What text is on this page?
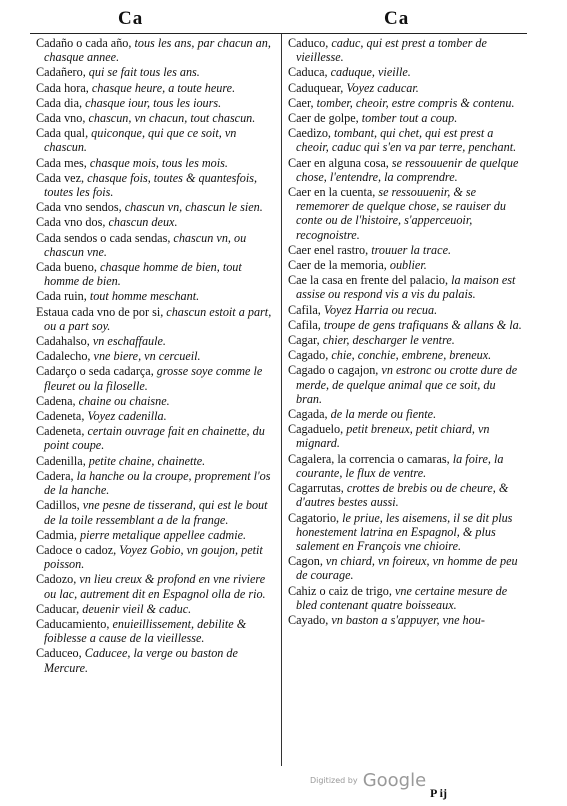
Ca	Ca
Cadaño o cada año, tous les ans, par chacun an, chasque annee.
Cadañero, qui se fait tous les ans.
Cada hora, chasque heure, a toute heure.
Cada dia, chasque iour, tous les iours.
Cada vno, chascun, vn chacun, tout chascun.
Cada qual, quiconque, qui que ce soit, vn chascun.
Cada mes, chasque mois, tous les mois.
Cada vez, chasque fois, toutes & quantesfois, toutes les fois.
Cada vno sendos, chascun vn, chascun le sien.
Cada vno dos, chascun deux.
Cada sendos o cada sendas, chascun vn, ou chascun vne.
Cada bueno, chasque homme de bien, tout homme de bien.
Cada ruin, tout homme meschant.
Estaua cada vno de por si, chascun estoit a part, ou a part soy.
Cadahalso, vn eschaffaule.
Cadalecho, vne biere, vn cercueil.
Cadarço o seda cadarça, grosse soye comme le fleuret ou la filoselle.
Cadena, chaine ou chaisne.
Cadeneta, Voyez cadenilla.
Cadeneta, certain ouvrage fait en chainette, du point coupe.
Cadenilla, petite chaine, chainette.
Cadera, la hanche ou la croupe, proprement l'os de la hanche.
Cadillos, vne pesne de tisserand, qui est le bout de la toile ressemblant a de la frange.
Cadmia, pierre metalique appellee cadmie.
Cadoce o cadoz, Voyez Gobio, vn goujon, petit poisson.
Cadozo, vn lieu creux & profond en vne riviere ou lac, autrement dit en Espagnol olla de rio.
Caducar, deuenir vieil & caduc.
Caducamiento, enuieillissement, debilite & foiblesse a cause de la vieillesse.
Caduceo, Caducee, la verge ou baston de Mercure.
Caduco, caduc, qui est prest a tomber de vieillesse.
Caduca, caduque, vieille.
Caduquear, Voyez caducar.
Caer, tomber, cheoir, estre compris & contenu.
Caer de golpe, tomber tout a coup.
Caedizo, tombant, qui chet, qui est prest a cheoir, caduc qui s'en va par terre, penchant.
Caer en alguna cosa, se ressouuenir de quelque chose, l'entendre, la comprendre.
Caer en la cuenta, se ressouuenir, & se rememorer de quelque chose, se rauiser du conte ou de l'histoire, s'apperceuoir, recognoistre.
Caer enel rastro, trouuer la trace.
Caer de la memoria, oublier.
Cae la casa en frente del palacio, la maison est assise ou respond vis a vis du palais.
Cafila, Voyez Harria ou recua.
Cafila, troupe de gens trafiquans & allans & la.
Cagar, chier, descharger le ventre.
Cagado, chie, conchie, embrene, breneux.
Cagado o cagajon, vn estronc ou crotte dure de merde, de quelque animal que ce soit, du bran.
Cagada, de la merde ou fiente.
Cagaduelo, petit breneux, petit chiard, vn mignard.
Cagalera, la correncia o camaras, la foire, la courante, le flux de ventre.
Cagarrutas, crottes de brebis ou de cheure, & d'autres bestes aussi.
Cagatorio, le priue, les aisemens, il se dit plus honestement latrina en Espagnol, & plus salement en François vne chioire.
Cagon, vn chiard, vn foireux, vn homme de peu de courage.
Cahiz o caiz de trigo, vne certaine mesure de bled contenant quatre boisseaux.
Cayado, vn baston a s'appuyer, vne hou-
Digitized by Google
P ij
